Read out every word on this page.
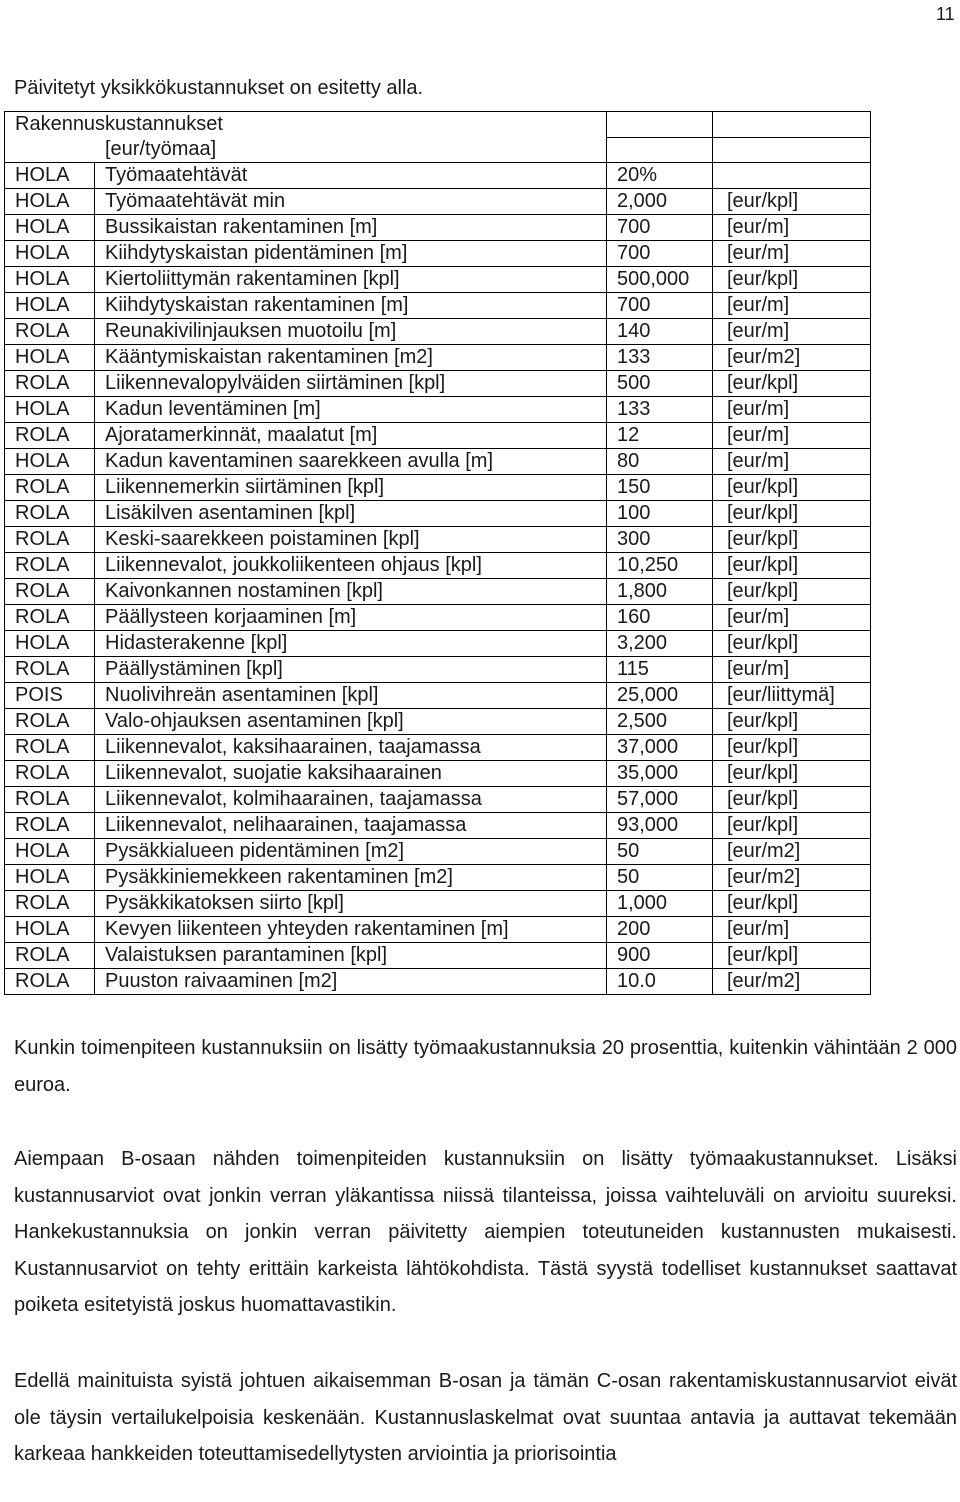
11
Päivitetyt yksikkökustannukset on esitetty alla.
Rakennuskustannukset			
[eur/työmaa]			
HOLA	Työmaatehtävät	20%	
HOLA	Työmaatehtävät min	2,000	[eur/kpl]
HOLA	Bussikaistan rakentaminen [m]	700	[eur/m]
HOLA	Kiihdytyskaistan pidentäminen [m]	700	[eur/m]
HOLA	Kiertoliittymän rakentaminen [kpl]	500,000	[eur/kpl]
HOLA	Kiihdytyskaistan rakentaminen [m]	700	[eur/m]
ROLA	Reunakivilinjauksen muotoilu [m]	140	[eur/m]
HOLA	Kääntymiskaistan rakentaminen [m2]	133	[eur/m2]
ROLA	Liikennevalopylväiden siirtäminen [kpl]	500	[eur/kpl]
HOLA	Kadun leventäminen [m]	133	[eur/m]
ROLA	Ajoratamerkinnät, maalatut [m]	12	[eur/m]
HOLA	Kadun kaventaminen saarekkeen avulla [m]	80	[eur/m]
ROLA	Liikennemerkin siirtäminen [kpl]	150	[eur/kpl]
ROLA	Lisäkilven asentaminen [kpl]	100	[eur/kpl]
ROLA	Keski-saarekkeen poistaminen [kpl]	300	[eur/kpl]
ROLA	Liikennevalot, joukkoliikenteen ohjaus [kpl]	10,250	[eur/kpl]
ROLA	Kaivonkannen nostaminen [kpl]	1,800	[eur/kpl]
ROLA	Päällysteen korjaaminen [m]	160	[eur/m]
HOLA	Hidasterakenne [kpl]	3,200	[eur/kpl]
ROLA	Päällystäminen [kpl]	115	[eur/m]
POIS	Nuolivihreän asentaminen [kpl]	25,000	[eur/liittymä]
ROLA	Valo-ohjauksen asentaminen [kpl]	2,500	[eur/kpl]
ROLA	Liikennevalot, kaksihaarainen, taajamassa	37,000	[eur/kpl]
ROLA	Liikennevalot, suojatie kaksihaarainen	35,000	[eur/kpl]
ROLA	Liikennevalot, kolmihaarainen, taajamassa	57,000	[eur/kpl]
ROLA	Liikennevalot, nelihaarainen, taajamassa	93,000	[eur/kpl]
HOLA	Pysäkkialueen pidentäminen [m2]	50	[eur/m2]
HOLA	Pysäkkiniemekkeen rakentaminen [m2]	50	[eur/m2]
ROLA	Pysäkkikatoksen siirto [kpl]	1,000	[eur/kpl]
HOLA	Kevyen liikenteen yhteyden rakentaminen [m]	200	[eur/m]
ROLA	Valaistuksen parantaminen [kpl]	900	[eur/kpl]
ROLA	Puuston raivaaminen [m2]	10.0	[eur/m2]

Kunkin toimenpiteen kustannuksiin on lisätty työmaakustannuksia 20 prosenttia, kuitenkin vähintään 2 000 euroa.

Aiempaan B-osaan nähden toimenpiteiden kustannuksiin on lisätty työmaakustannukset. Lisäksi kustannusarviot ovat jonkin verran yläkantissa niissä tilanteissa, joissa vaihteluväli on arvioitu suureksi. Hankekustannuksia on jonkin verran päivitetty aiempien toteutuneiden kustannusten mukaisesti. Kustannusarviot on tehty erittäin karkeista lähtökohdista. Tästä syystä todelliset kustannukset saattavat poiketa esitetyistä joskus huomattavastikin.

Edellä mainituista syistä johtuen aikaisemman B-osan ja tämän C-osan rakentamiskustannusarviot eivät ole täysin vertailukelpoisia keskenään. Kustannuslaskelmat ovat suuntaa antavia ja auttavat tekemään karkeaa hankkeiden toteuttamisedellytysten arviointia ja priorisointia
